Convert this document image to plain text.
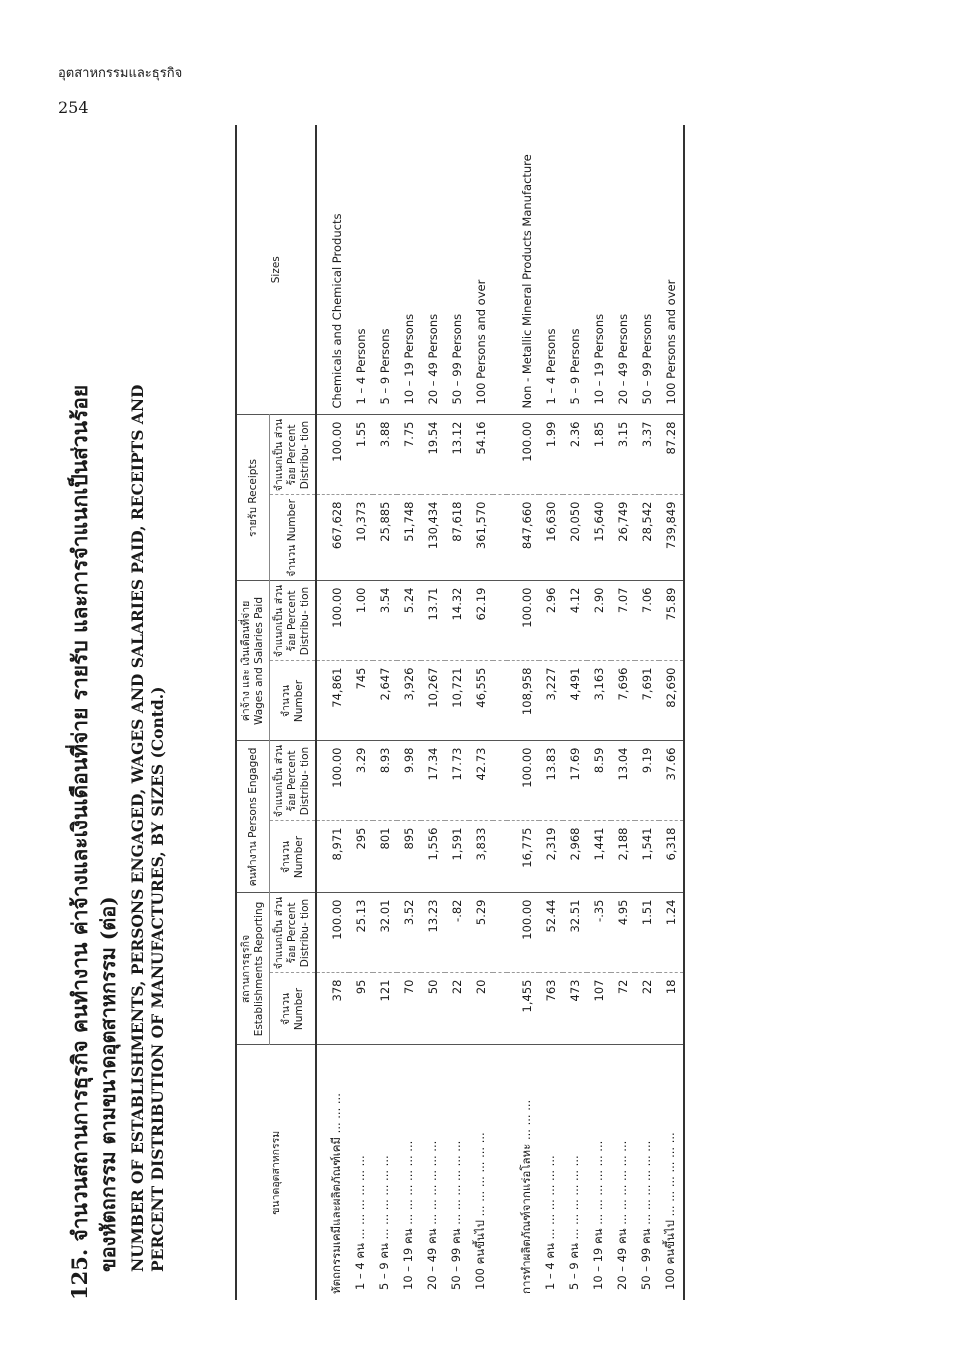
อุตสาหกรรมและธุรกิจ
254
125. จำนวนสถานการธุรกิจ คนทำงาน ค่าจ้างและเงินเดือนที่จ่าย รายรับ และการจำแนกเป็นส่วนร้อย ของหัตถกรรม ตามขนาดอุตสาหกรรม (ต่อ) NUMBER OF ESTABLISHMENTS, PERSONS ENGAGED, WAGES AND SALARIES PAID, RECEIPTS AND PERCENT DISTRIBUTION OF MANUFACTURES, BY SIZES (Contd.)	ขนาดอุตสาหกรรม	สถานการธุรกิจ Establishments Reporting		คนทำงาน Persons Engaged		ค่าจ้าง และ เงินเดือนที่จ่าย Wages and Salaries Paid		รายรับ Receipts		Sizes
	จำนวน Number	จำแนกเป็น ส่วนร้อย Percent Distribu- tion	จำนวน Number	จำแนกเป็น ส่วนร้อย Percent Distribu- tion	จำนวน Number	จำแนกเป็น ส่วนร้อย Percent Distribu- tion	จำนวน Number	จำแนกเป็น ส่วนร้อย Percent Distribu- tion	
หัตถกรรมเคมีและผลิตภัณฑ์เคมี ... ... ...	378	100.00	8,971	100.00	74,861	100.00	667,628	100.00	Chemicals and Chemical Products
1 – 4 คน ... ... ... ... ... ...	95	25.13	295	3.29	745	1.00	10,373	1.55	1 – 4 Persons
5 – 9 คน ... ... ... ... ... ...	121	32.01	801	8.93	2,647	3.54	25,885	3.88	5 – 9 Persons
10 – 19 คน ... ... ... ... ... ...	70	3.52	895	9.98	3,926	5.24	51,748	7.75	10 – 19 Persons
20 – 49 คน ... ... ... ... ... ...	50	13.23	1,556	17.34	10,267	13.71	130,434	19.54	20 – 49 Persons
50 – 99 คน ... ... ... ... ... ...	22	-.82	1,591	17.73	10,721	14.32	87,618	13.12	50 – 99 Persons
100 คนขึ้นไป ... ... ... ... ... ...	20	5.29	3,833	42.73	46,555	62.19	361,570	54.16	100 Persons and over

การทำผลิตภัณฑ์จากแร่อโลหะ ... ... ...	1,455	100.00	16,775	100.00	108,958	100.00	847,660	100.00	Non - Metallic Mineral Products Manufacture
1 – 4 คน ... ... ... ... ... ...	763	52.44	2,319	13.83	3,227	2.96	16,630	1.99	1 – 4 Persons
5 – 9 คน ... ... ... ... ... ...	473	32.51	2,968	17.69	4,491	4.12	20,050	2.36	5 – 9 Persons
10 – 19 คน ... ... ... ... ... ...	107	-.35	1,441	8.59	3,163	2.90	15,640	1.85	10 – 19 Persons
20 – 49 คน ... ... ... ... ... ...	72	4.95	2,188	13.04	7,696	7.07	26,749	3.15	20 – 49 Persons
50 – 99 คน ... ... ... ... ... ...	22	1.51	1,541	9.19	7,691	7.06	28,542	3.37	50 – 99 Persons
100 คนขึ้นไป ... ... ... ... ... ...	18	1.24	6,318	37.66	82,690	75.89	739,849	87.28	100 Persons and over
